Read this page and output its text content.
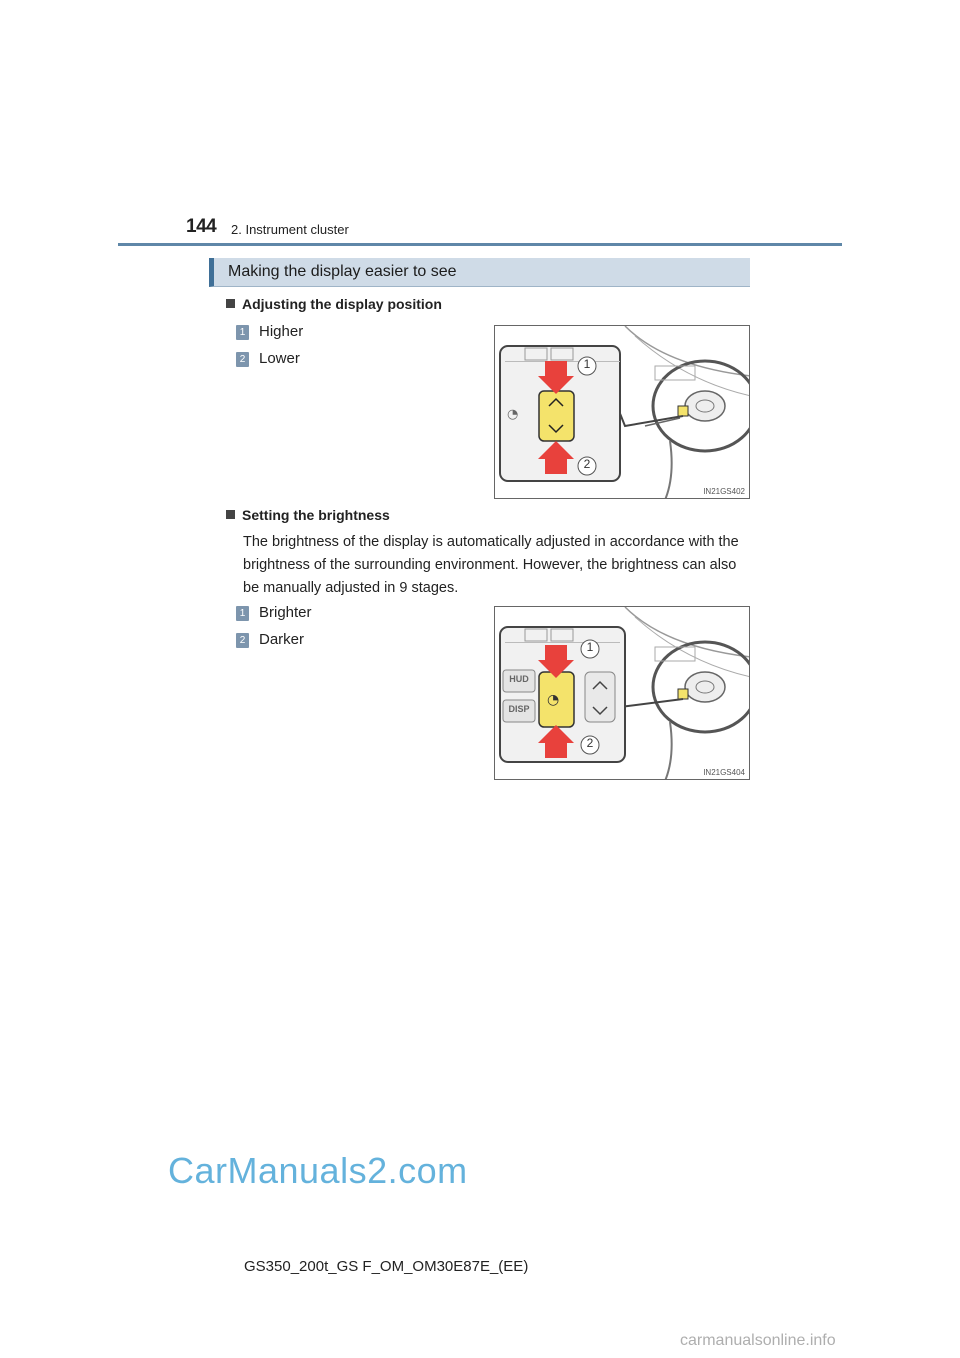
144 2. Instrument cluster
Making the display easier to see
Adjusting the display position
1 Higher
2 Lower
◔
1
2
IN21GS402
Setting the brightness
The brightness of the display is automatically adjusted in accordance with the brightness of the surrounding environment. However, the brightness can also be manually adjusted in 9 stages.
1 Brighter
2 Darker
◔
HUD
DISP
1
2
IN21GS404
CarManuals2.com
GS350_200t_GS F_OM_OM30E87E_(EE)
carmanualsonline.info
